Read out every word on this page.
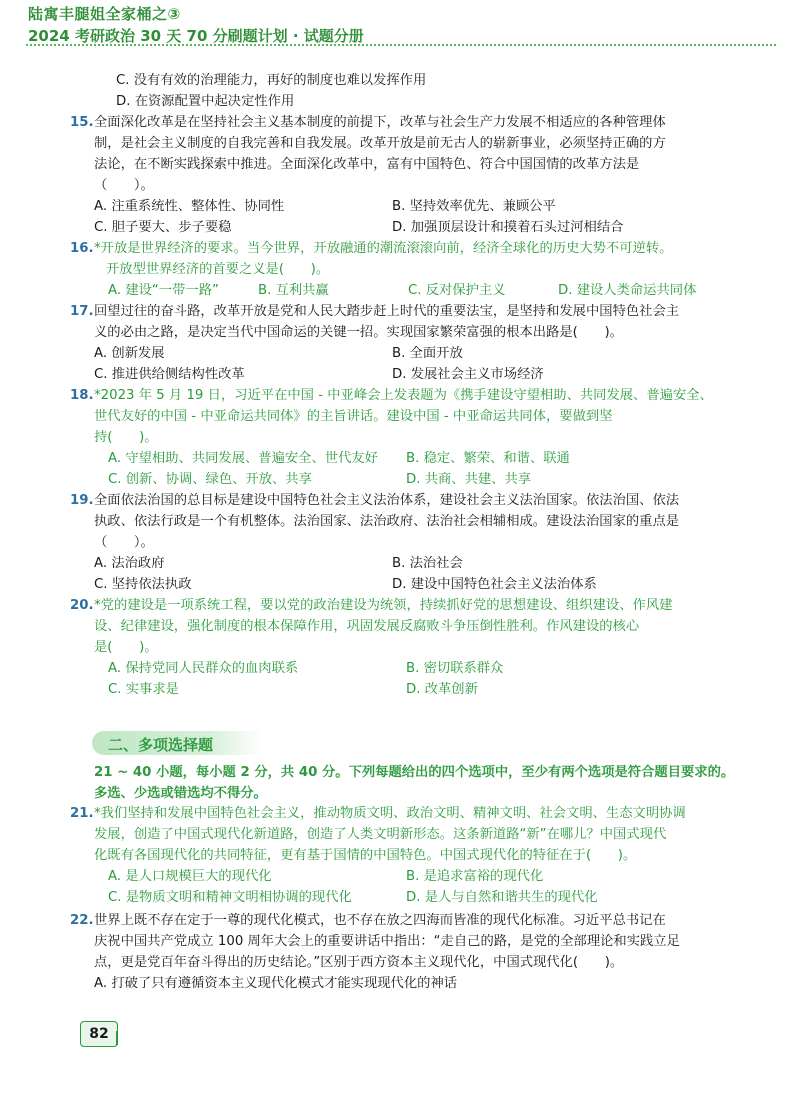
陆寓丰腿姐全家桶之③
2024 考研政治 30 天 70 分刷题计划 · 试题分册
C. 没有有效的治理能力，再好的制度也难以发挥作用
D. 在资源配置中起决定性作用
15. 全面深化改革是在坚持社会主义基本制度的前提下，改革与社会生产力发展不相适应的各种管理体
制，是社会主义制度的自我完善和自我发展。改革开放是前无古人的崭新事业，必须坚持正确的方
法论，在不断实践探索中推进。全面深化改革中，富有中国特色、符合中国国情的改革方法是
（　　）。
A. 注重系统性、整体性、协同性	B. 坚持效率优先、兼顾公平
C. 胆子要大、步子要稳	D. 加强顶层设计和摸着石头过河相结合
16. *开放是世界经济的要求。当今世界，开放融通的潮流滚滚向前，经济全球化的历史大势不可逆转。
开放型世界经济的首要之义是(　　)。
A. 建设“一带一路”	B. 互利共赢	C. 反对保护主义	D. 建设人类命运共同体
17. 回望过往的奋斗路，改革开放是党和人民大踏步赶上时代的重要法宝，是坚持和发展中国特色社会主
义的必由之路，是决定当代中国命运的关键一招。实现国家繁荣富强的根本出路是(　　)。
A. 创新发展	B. 全面开放
C. 推进供给侧结构性改革	D. 发展社会主义市场经济
18. *2023 年 5 月 19 日，习近平在中国 - 中亚峰会上发表题为《携手建设守望相助、共同发展、普遍安全、
世代友好的中国 - 中亚命运共同体》的主旨讲话。建设中国 - 中亚命运共同体，要做到坚
持(　　)。
A. 守望相助、共同发展、普遍安全、世代友好	B. 稳定、繁荣、和谐、联通
C. 创新、协调、绿色、开放、共享	D. 共商、共建、共享
19. 全面依法治国的总目标是建设中国特色社会主义法治体系，建设社会主义法治国家。依法治国、依法
执政、依法行政是一个有机整体。法治国家、法治政府、法治社会相辅相成。建设法治国家的重点是
（　　）。
A. 法治政府	B. 法治社会
C. 坚持依法执政	D. 建设中国特色社会主义法治体系
20. *党的建设是一项系统工程，要以党的政治建设为统领，持续抓好党的思想建设、组织建设、作风建
设、纪律建设，强化制度的根本保障作用，巩固发展反腐败斗争压倒性胜利。作风建设的核心
是(　　)。
A. 保持党同人民群众的血肉联系	B. 密切联系群众
C. 实事求是	D. 改革创新
二、多项选择题
21 ~ 40 小题，每小题 2 分，共 40 分。下列每题给出的四个选项中，至少有两个选项是符合题目要求的。
多选、少选或错选均不得分。
21. *我们坚持和发展中国特色社会主义，推动物质文明、政治文明、精神文明、社会文明、生态文明协调
发展，创造了中国式现代化新道路，创造了人类文明新形态。这条新道路“新”在哪儿？中国式现代
化既有各国现代化的共同特征，更有基于国情的中国特色。中国式现代化的特征在于(　　)。
A. 是人口规模巨大的现代化	B. 是追求富裕的现代化
C. 是物质文明和精神文明相协调的现代化	D. 是人与自然和谐共生的现代化
22. 世界上既不存在定于一尊的现代化模式，也不存在放之四海而皆准的现代化标准。习近平总书记在
庆祝中国共产党成立 100 周年大会上的重要讲话中指出：“走自己的路，是党的全部理论和实践立足
点，更是党百年奋斗得出的历史结论。”区别于西方资本主义现代化，中国式现代化(　　)。
A. 打破了只有遵循资本主义现代化模式才能实现现代化的神话
82
